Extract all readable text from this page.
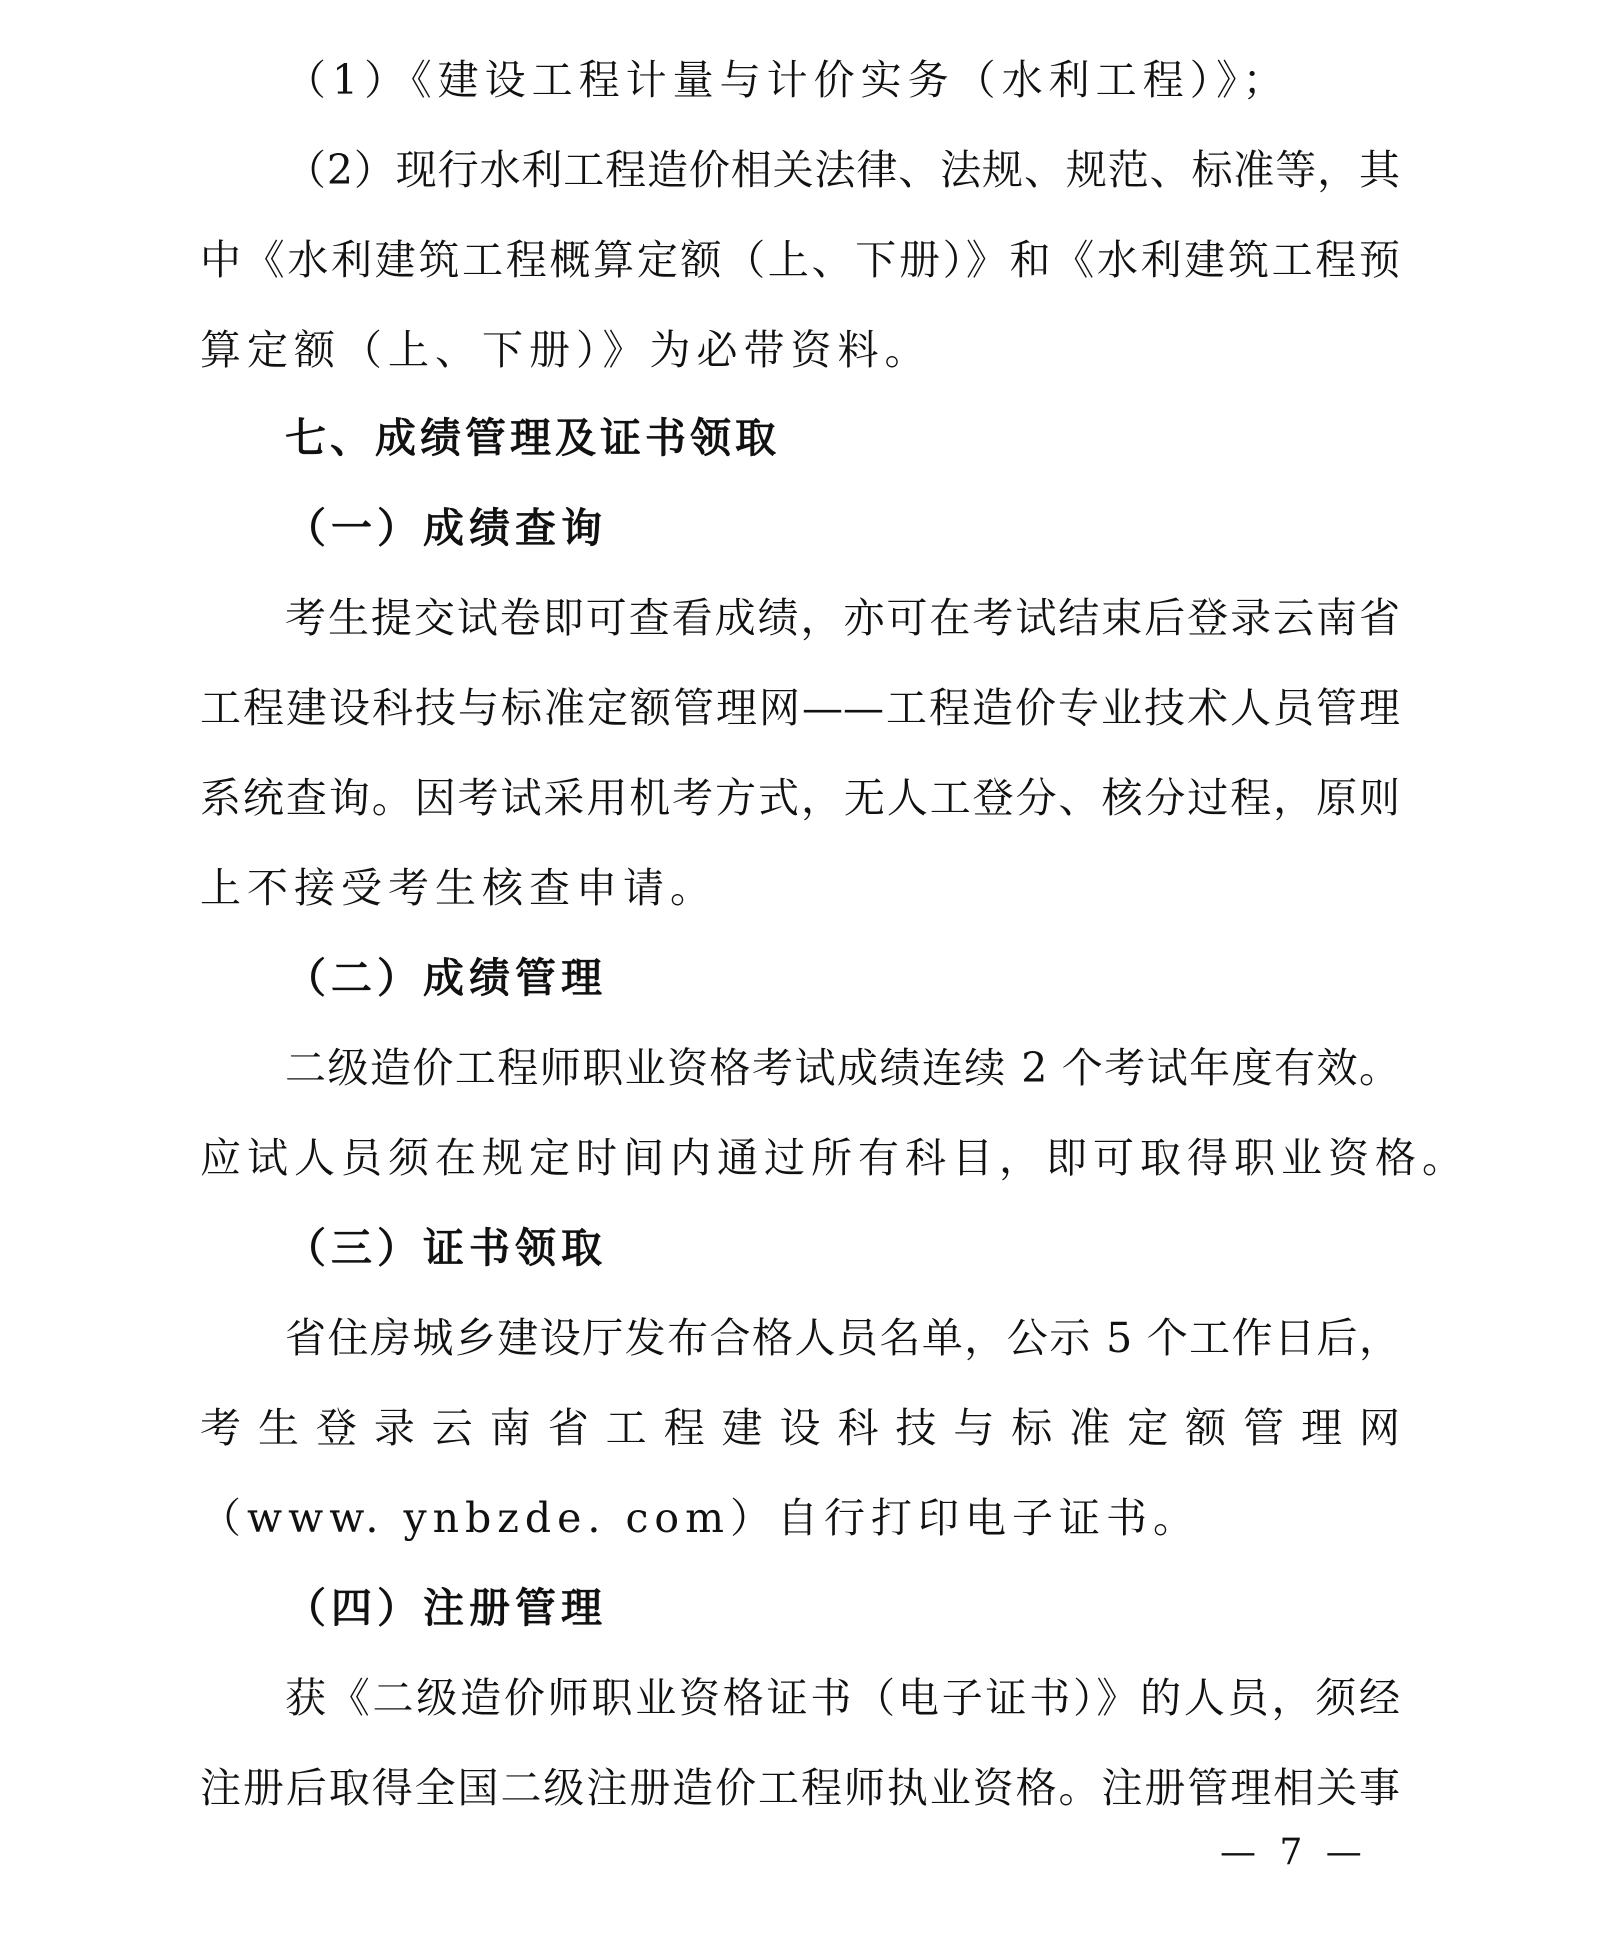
（1）《建设工程计量与计价实务（水利工程）》；
（2）现行水利工程造价相关法律、法规、规范、标准等，其
中《水利建筑工程概算定额（上、下册）》和《水利建筑工程预
算定额（上、下册）》为必带资料。
七、成绩管理及证书领取
（一）成绩查询
考生提交试卷即可查看成绩，亦可在考试结束后登录云南省
工程建设科技与标准定额管理网——工程造价专业技术人员管理
系统查询。因考试采用机考方式，无人工登分、核分过程，原则
上不接受考生核查申请。
（二）成绩管理
二级造价工程师职业资格考试成绩连续 2 个考试年度有效。
应试人员须在规定时间内通过所有科目，即可取得职业资格。
（三）证书领取
省住房城乡建设厅发布合格人员名单，公示 5 个工作日后，
考生登录云南省工程建设科技与标准定额管理网
（www. ynbzde. com）自行打印电子证书。
（四）注册管理
获《二级造价师职业资格证书（电子证书）》的人员，须经
注册后取得全国二级注册造价工程师执业资格。注册管理相关事
— 7 —
